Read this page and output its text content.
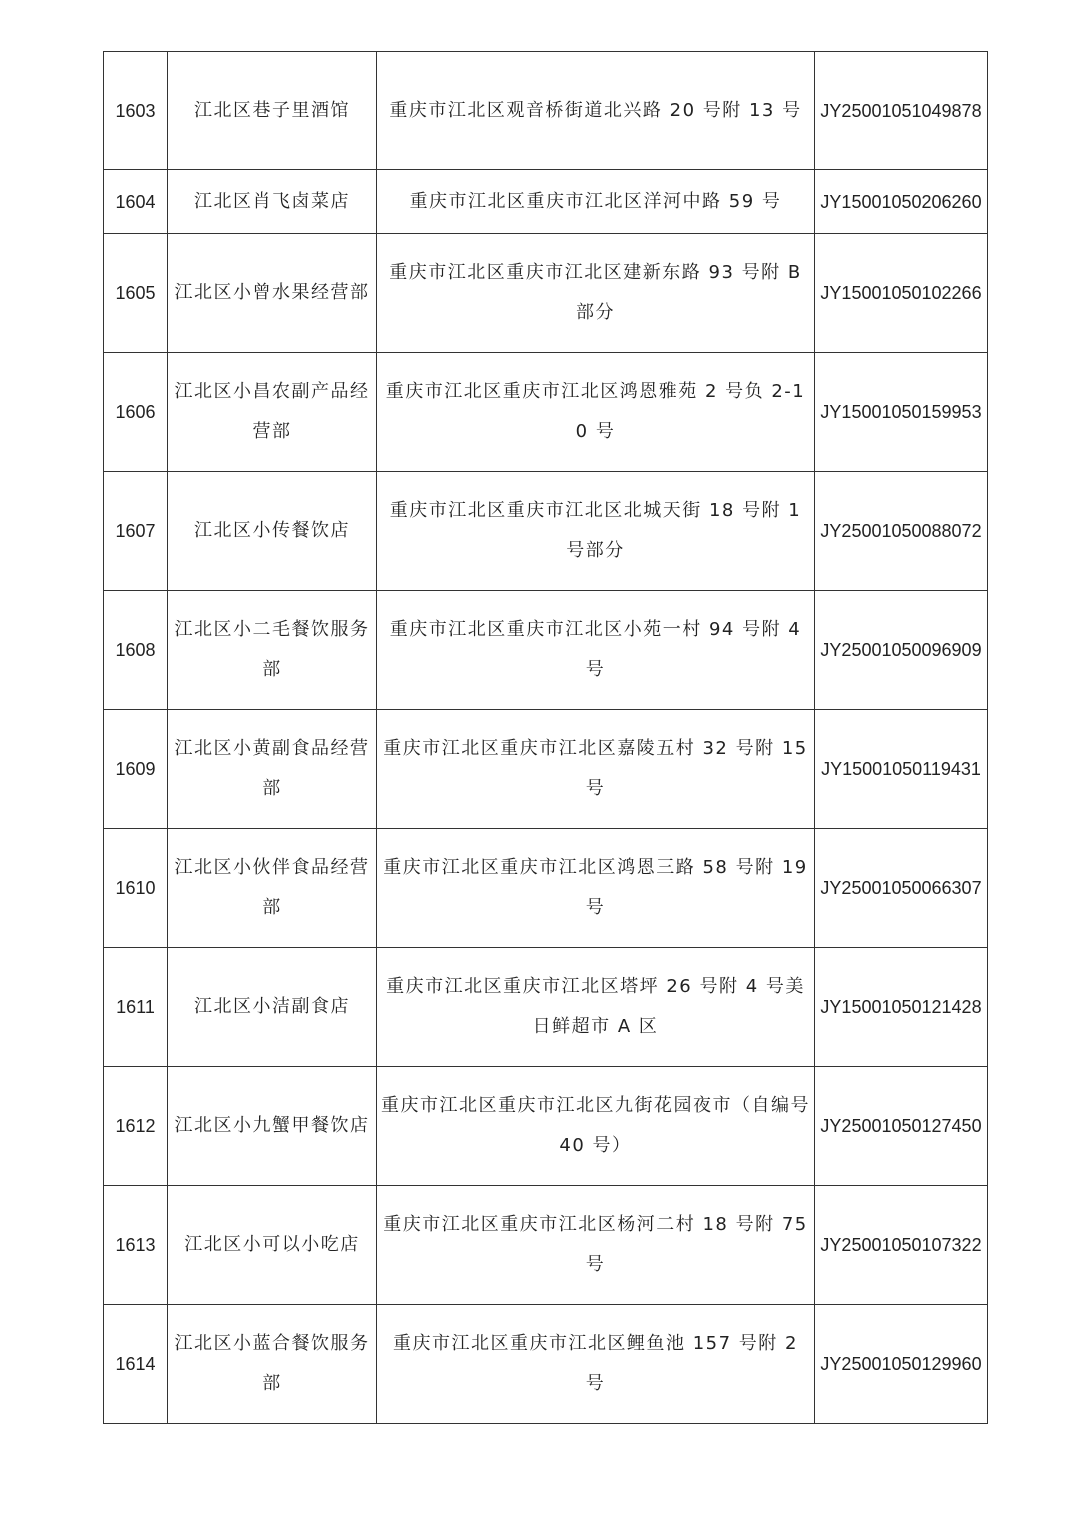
1603	江北区巷子里酒馆	重庆市江北区观音桥街道北兴路 20 号附 13 号	JY25001051049878
1604	江北区肖飞卤菜店	重庆市江北区重庆市江北区洋河中路 59 号	JY15001050206260
1605	江北区小曾水果经营部	重庆市江北区重庆市江北区建新东路 93 号附 B 部分	JY15001050102266
1606	江北区小昌农副产品经营部	重庆市江北区重庆市江北区鸿恩雅苑 2 号负 2-10 号	JY15001050159953
1607	江北区小传餐饮店	重庆市江北区重庆市江北区北城天街 18 号附 1 号部分	JY25001050088072
1608	江北区小二毛餐饮服务部	重庆市江北区重庆市江北区小苑一村 94 号附 4 号	JY25001050096909
1609	江北区小黄副食品经营部	重庆市江北区重庆市江北区嘉陵五村 32 号附 15 号	JY15001050119431
1610	江北区小伙伴食品经营部	重庆市江北区重庆市江北区鸿恩三路 58 号附 19 号	JY25001050066307
1611	江北区小洁副食店	重庆市江北区重庆市江北区塔坪 26 号附 4 号美日鲜超市 A 区	JY15001050121428
1612	江北区小九蟹甲餐饮店	重庆市江北区重庆市江北区九街花园夜市（自编号 40 号）	JY25001050127450
1613	江北区小可以小吃店	重庆市江北区重庆市江北区杨河二村 18 号附 75 号	JY25001050107322
1614	江北区小蓝合餐饮服务部	重庆市江北区重庆市江北区鲤鱼池 157 号附 2 号	JY25001050129960
